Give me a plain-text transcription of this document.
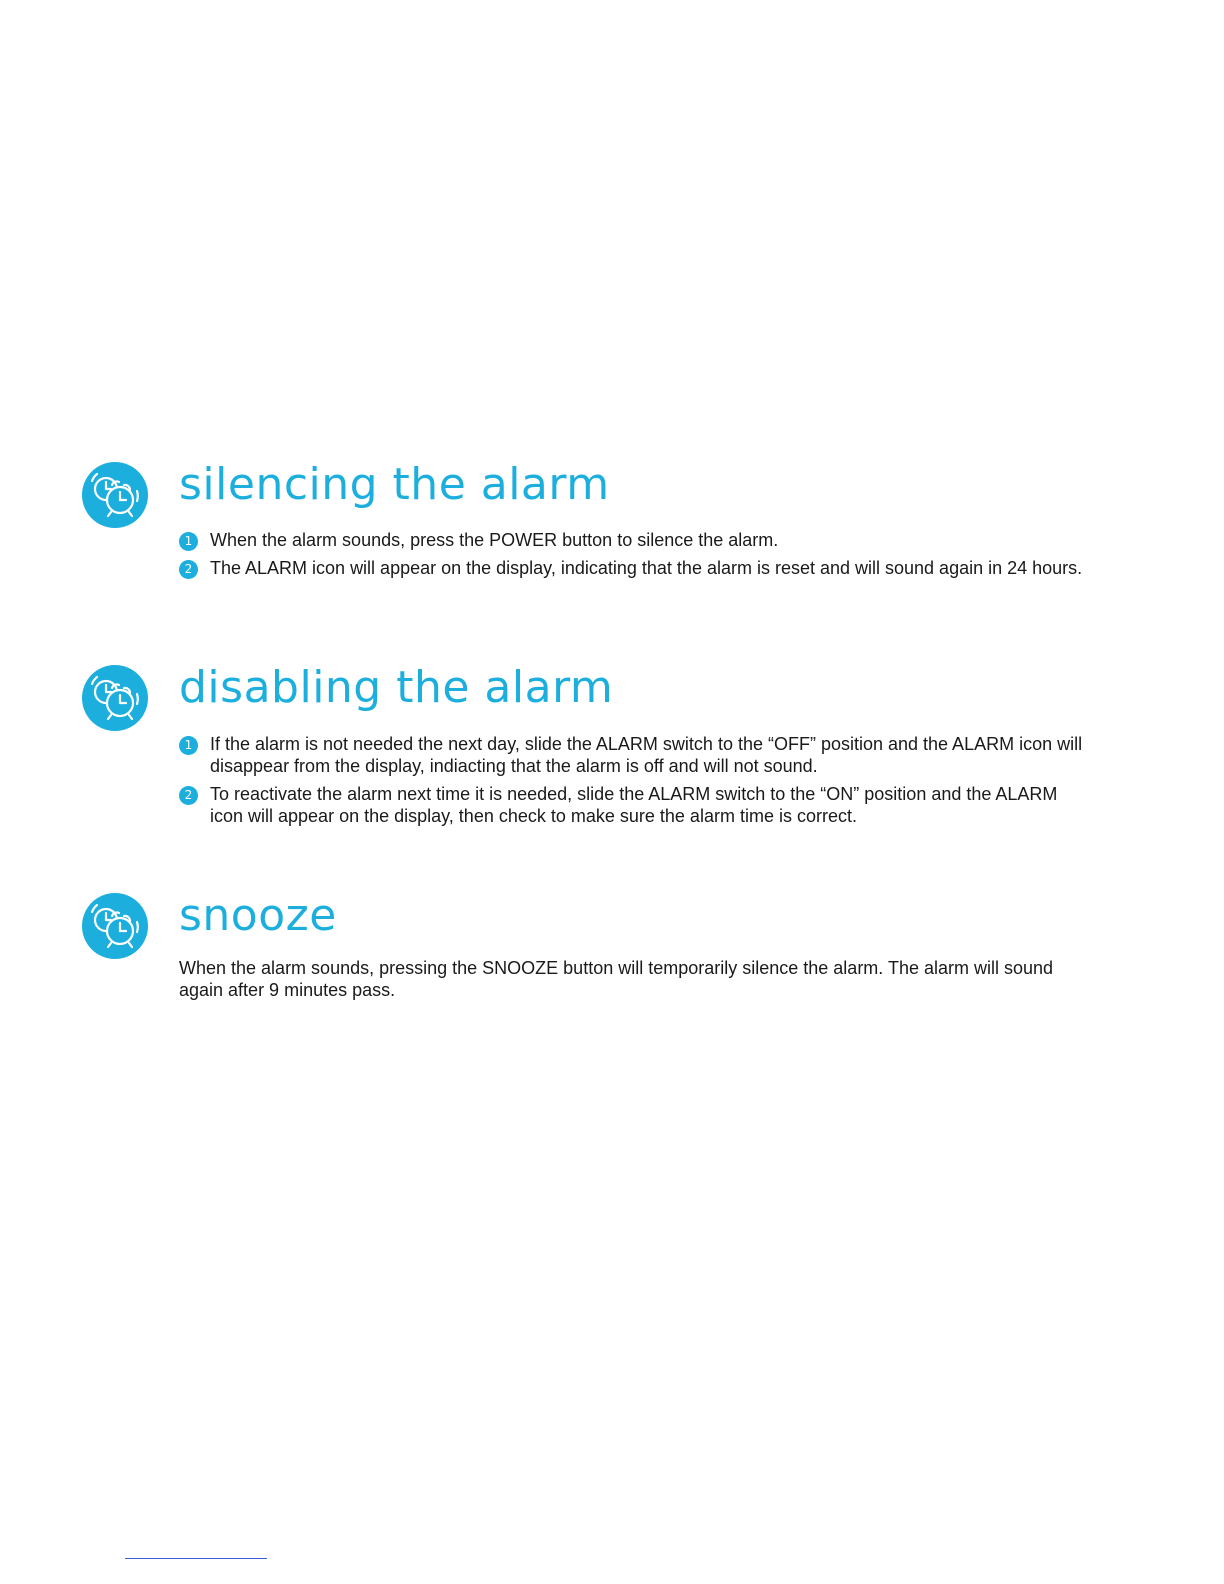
silencing the alarm
1 When the alarm sounds, press the POWER button to silence the alarm.
2 The ALARM icon will appear on the display, indicating that the alarm is reset and will sound again in 24 hours.
disabling the alarm
1 If the alarm is not needed the next day, slide the ALARM switch to the “OFF” position and the ALARM icon will disappear from the display, indiacting that the alarm is off and will not sound.
2 To reactivate the alarm next time it is needed, slide the ALARM switch to the “ON” position and the ALARM icon will appear on the display, then check to make sure the alarm time is correct.
snooze

When the alarm sounds, pressing the SNOOZE button will temporarily silence the alarm. The alarm will sound again after 9 minutes pass.
